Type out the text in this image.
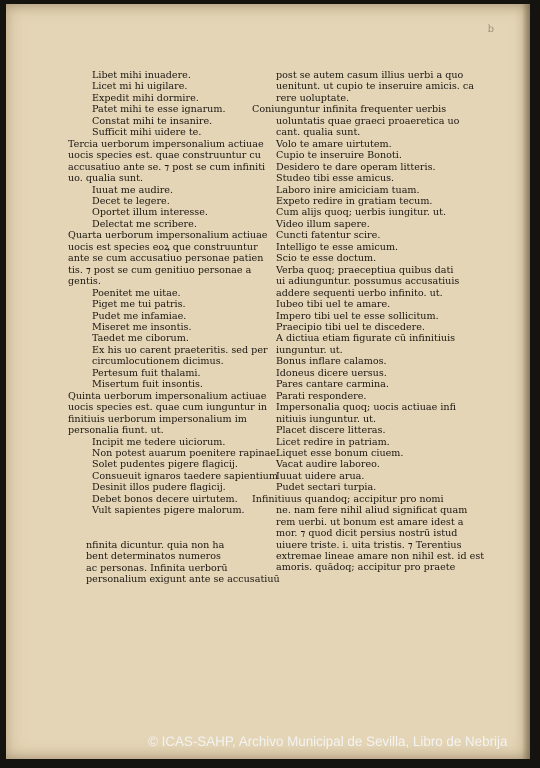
b
Libet mihi inuadere.
Licet mi hi uigilare.
Expedit mihi dormire.
Patet mihi te esse ignarum.
Constat mihi te insanire.
Sufficit mihi uidere te.
Tercia uerborum impersonalium actiuae
uocis species est. quae construuntur cu
accusatiuo ante se. ⁊ post se cum infiniti
uo. qualia sunt.
Iuuat me audire.
Decet te legere.
Oportet illum interesse.
Delectat me scribere.
Quarta uerborum impersonalium actiuae
uocis est species eoꝝ que construuntur
ante se cum accusatiuo personae patien
tis. ⁊ post se cum genitiuo personae a
gentis.
Poenitet me uitae.
Piget me tui patris.
Pudet me infamiae.
Miseret me insontis.
Taedet me ciborum.
Ex his uo carent praeteritis. sed per
circumlocutionem dicimus.
Pertesum fuit thalami.
Misertum fuit insontis.
Quinta uerborum impersonalium actiuae
uocis species est. quae cum iunguntur in
finitiuis uerborum impersonalium im
personalia fiunt. ut.
Incipit me tedere uiciorum.
Non potest auarum poenitere rapinae.
Solet pudentes pigere flagicij.
Consueuit ignaros taedere sapientium
Desinit illos pudere flagicij.
Debet bonos decere uirtutem.
Vult sapientes pigere malorum.
nfinita dicuntur. quia non ha
bent determinatos numeros
ac personas. Infinita uerborū
personalium exigunt ante se accusatiuū
post se autem casum illius uerbi a quo
uenitunt. ut cupio te inseruire amicis. ca
rere uoluptate.
Coniunguntur infinita frequenter uerbis
uoluntatis quae graeci proaeretica uo
cant. qualia sunt.
Volo te amare uirtutem.
Cupio te inseruire Bonoti.
Desidero te dare operam litteris.
Studeo tibi esse amicus.
Laboro inire amiciciam tuam.
Expeto redire in gratiam tecum.
Cum alijs quoq; uerbis iungitur. ut.
Video illum sapere.
Cuncti fatentur scire.
Intelligo te esse amicum.
Scio te esse doctum.
Verba quoq; praeceptiua quibus dati
ui adiunguntur. possumus accusatiuis
addere sequenti uerbo infinito. ut.
Iubeo tibi uel te amare.
Impero tibi uel te esse sollicitum.
Praecipio tibi uel te discedere.
A dictiua etiam figurate cū infinitiuis
iunguntur. ut.
Bonus inflare calamos.
Idoneus dicere uersus.
Pares cantare carmina.
Parati respondere.
Impersonalia quoq; uocis actiuae infi
nitiuis iunguntur. ut.
Placet discere litteras.
Licet redire in patriam.
Liquet esse bonum ciuem.
Vacat audire laboreo.
Iuuat uidere arua.
Pudet sectari turpia.
Infinitiuus quandoq; accipitur pro nomi
ne. nam fere nihil aliud significat quam
rem uerbi. ut bonum est amare idest a
mor. ⁊ quod dicit persius nostrū istud
uiuere triste. i. uita tristis. ⁊ Terentius
extremae lineae amare non nihil est. id est
amoris. quādoq; accipitur pro praete
© ICAS-SAHP, Archivo Municipal de Sevilla, Libro de Nebrija
